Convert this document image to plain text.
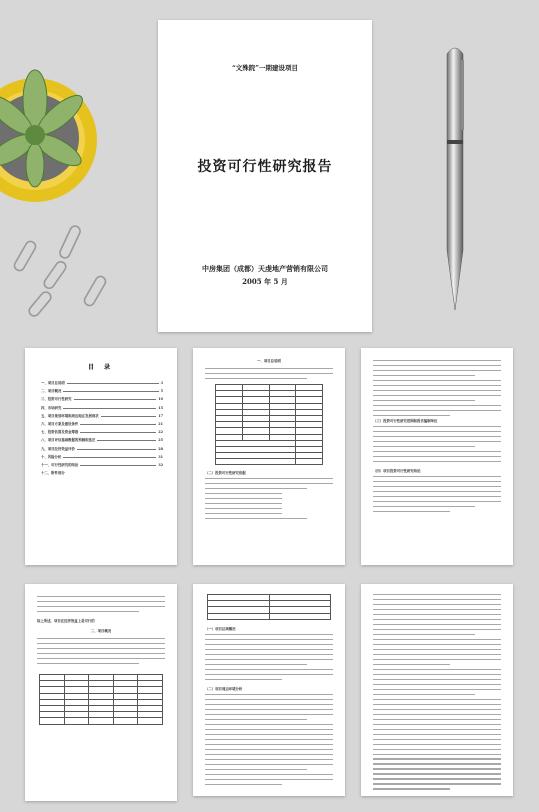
“文殊院”一期建设项目
投资可行性研究报告
中房集团（成都）天虔地产营销有限公司
2005 年 5 月
目 录
一、项目总说明	3
二、项目概况	5
三、投资可行性研究	10
四、市场研究	15
五、项目规划环境和周边地区发展现状	17
六、项目方案及建设条件	21
七、投资估算及资金筹措	22
八、项目评估基础数据的预测和选定	25
九、项目经济效益评价	28
十、风险分析	31
十一、可行性研究的结论	32
十二、附件部分
一、项目总说明

（二）投资可行性研究依据
（三）投资可行性研究范围和报告编制单位
（四）项目投资可行性研究结论
综上所述，项目在经济效益上是可行的
二、项目概况

		（一）项目区域概况
（二）项目周边环境分析
